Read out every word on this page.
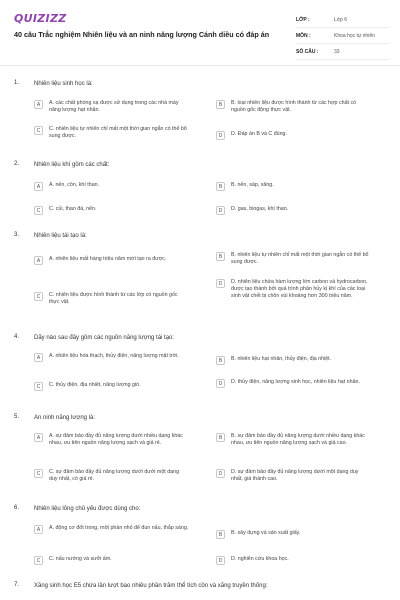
QUIZIZZ
40 câu Trắc nghiệm Nhiên liệu và an ninh năng lượng Cánh diều có đáp án
LỚP :	Lớp 6
MÔN :	Khoa học tự nhiên
SỐ CÂU :	33
1. Nhiên liệu sinh học là:
A	A. các chất phóng xạ được sử dụng trong các nhà máy năng lượng hạt nhân.
B	B. loại nhiên liệu được hình thành từ các hợp chất có nguồn gốc động thực vật.
C	C. nhiên liệu tự nhiên chỉ mất một thời gian ngắn có thể bổ sung được.	D	D. Đáp án B và C đúng.
2. Nhiên liệu khí gồm các chất:
A	A. nến, cồn, khí than.	B	B. nến, sáp, xăng.
C	C. củi, than đá, nến.	D	D. gas, biogas, khí than.
3. Nhiên liệu tái tạo là:
A	A. nhiên liệu mất hàng triệu năm mới tạo ra được.	B	B. nhiên liệu tự nhiên chỉ mất một thời gian ngắn có thể bổ sung được.
C	C. nhiên liệu được hình thành từ các lớp có nguồn gốc thực vật.
D	D. nhiên liệu chứa hàm lượng lớn carbon và hydrocarbon, được tạo thành bởi quá trình phân hủy kị khí của các loại sinh vật chết bị chôn vùi khoảng hơn 300 triệu năm.
4. Dãy nào sau đây gồm các nguồn năng lượng tái tạo:
A	A. nhiên liệu hóa thạch, thủy điện, năng lượng mặt trời.
B	B. nhiên liệu hạt nhân, thủy điện, địa nhiệt.
C	C. thủy điện, địa nhiệt, năng lượng gió.	D	D. thủy điện, năng lượng sinh học, nhiên liệu hạt nhân.
5. An ninh năng lượng là:
A	A. sự đảm bảo đầy đủ năng lượng dưới nhiều dạng khác nhau, ưu tiên nguồn năng lượng sạch và giá rẻ.
B	B. sự đảm bảo đầy đủ năng lượng dưới nhiều dạng khác nhau, ưu tiên nguồn năng lượng sạch và giá cao.
C	C. sự đảm bảo đầy đủ năng lượng dưới dưới một dạng duy nhất, có giá rẻ.
D	D. sự đảm bảo đầy đủ năng lượng dưới một dạng duy nhất, giá thành cao.
6. Nhiên liệu lỏng chủ yếu được dùng cho:
A	A. động cơ đốt trong, một phần nhỏ để đun nấu, thắp sáng.
B	B. xây dựng và sản xuất giấy.
C	C. nấu nướng và sưởi ấm.	D	D. nghiên cứu khoa học.
7. Xăng sinh học E5 chứa lần lượt bao nhiêu phần trăm thể tích cồn và xăng truyền thống:
